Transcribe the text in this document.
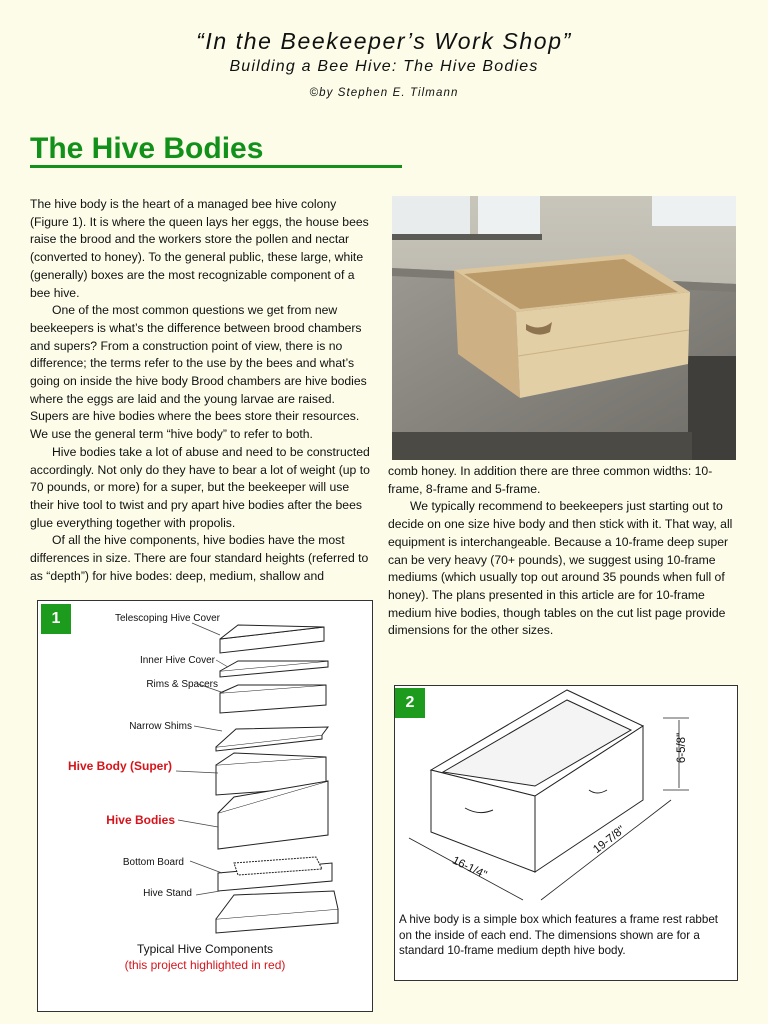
“In the Beekeeper’s Work Shop”
Building a Bee Hive: The Hive Bodies
©by Stephen E. Tilmann
The Hive Bodies

The hive body is the heart of a managed bee hive colony (Figure 1). It is where the queen lays her eggs, the house bees raise the brood and the workers store the pollen and nectar (converted to honey). To the general public, these large, white (generally) boxes are the most recognizable component of a bee hive.

One of the most common questions we get from new beekeepers is what’s the difference between brood chambers and supers? From a construction point of view, there is no difference; the terms refer to the use by the bees and what’s going on inside the hive body Brood chambers are hive bodies where the eggs are laid and the young larvae are raised. Supers are hive bodies where the bees store their resources. We use the general term “hive body” to refer to both.

Hive bodies take a lot of abuse and need to be constructed accordingly. Not only do they have to bear a lot of weight (up to 70 pounds, or more) for a super, but the beekeeper will use their hive tool to twist and pry apart hive bodies after the bees glue everything together with propolis.

Of all the hive components, hive bodies have the most differences in size. There are four standard heights (referred to as “depth”) for hive bodes: deep, medium, shallow and

comb honey. In addition there are three common widths: 10-frame, 8-frame and 5-frame.

We typically recommend to beekeepers just starting out to decide on one size hive body and then stick with it. That way, all equipment is interchangeable. Because a 10-frame deep super can be very heavy (70+ pounds), we suggest using 10-frame mediums (which usually top out around 35 pounds when full of honey). The plans presented in this article are for 10-frame medium hive bodies, though tables on the cut list page provide dimensions for the other sizes.

1	Telescoping Hive Cover
Inner Hive Cover
Rims & Spacers
Narrow Shims
Hive Body (Super)
Hive Bodies
Bottom Board
Hive Stand
Typical Hive Components
(this project highlighted in red)
2
6-5/8"
16-1/4"
19-7/8"
A hive body is a simple box which features a frame rest rabbet on the inside of each end. The dimensions shown are for a standard 10-frame medium depth hive body.
